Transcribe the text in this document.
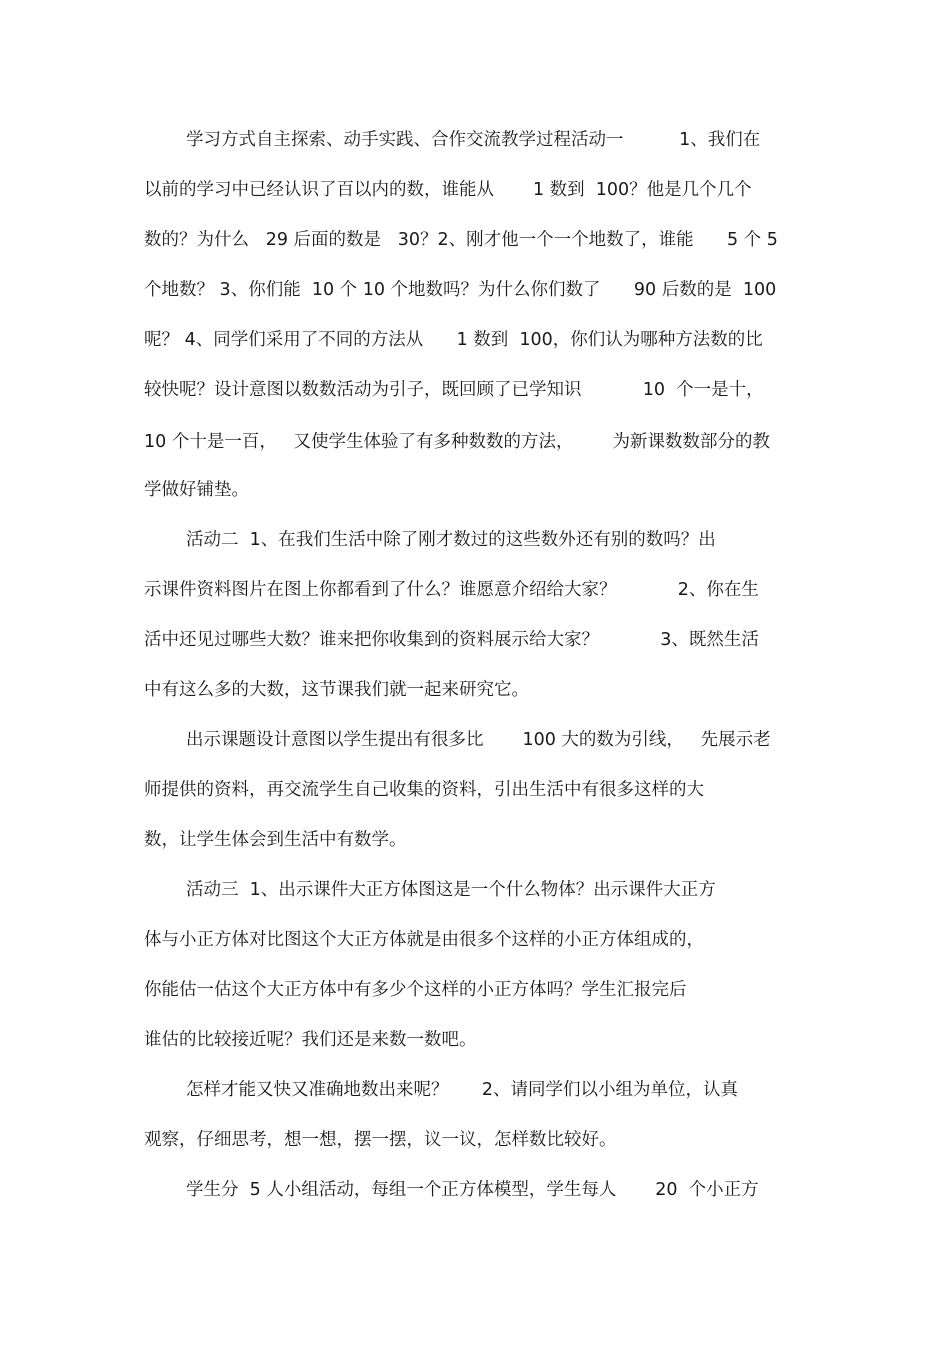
学习方式自主探索、动手实践、合作交流教学过程活动一          1、我们在
以前的学习中已经认识了百以内的数，谁能从       1 数到  100？他是几个几个
数的？为什么   29 后面的数是   30？2、刚才他一个一个地数了，谁能      5 个 5
个地数？ 3、你们能  10 个 10 个地数吗？为什么你们数了      90 后数的是  100
呢？ 4、同学们采用了不同的方法从      1 数到  100，你们认为哪种方法数的比
较快呢？设计意图以数数活动为引子，既回顾了已学知识           10  个一是十，
10 个十是一百，   又使学生体验了有多种数数的方法，       为新课数数部分的教
学做好铺垫。
活动二  1、在我们生活中除了刚才数过的这些数外还有别的数吗？出
示课件资料图片在图上你都看到了什么？谁愿意介绍给大家？           2、你在生
活中还见过哪些大数？谁来把你收集到的资料展示给大家？           3、既然生活
中有这么多的大数，这节课我们就一起来研究它。
出示课题设计意图以学生提出有很多比       100 大的数为引线，   先展示老
师提供的资料，再交流学生自己收集的资料，引出生活中有很多这样的大
数，让学生体会到生活中有数学。
活动三  1、出示课件大正方体图这是一个什么物体？出示课件大正方
体与小正方体对比图这个大正方体就是由很多个这样的小正方体组成的，
你能估一估这个大正方体中有多少个这样的小正方体吗？学生汇报完后
谁估的比较接近呢？我们还是来数一数吧。
怎样才能又快又准确地数出来呢？      2、请同学们以小组为单位，认真
观察，仔细思考，想一想，摆一摆，议一议，怎样数比较好。
学生分  5 人小组活动，每组一个正方体模型，学生每人       20  个小正方
